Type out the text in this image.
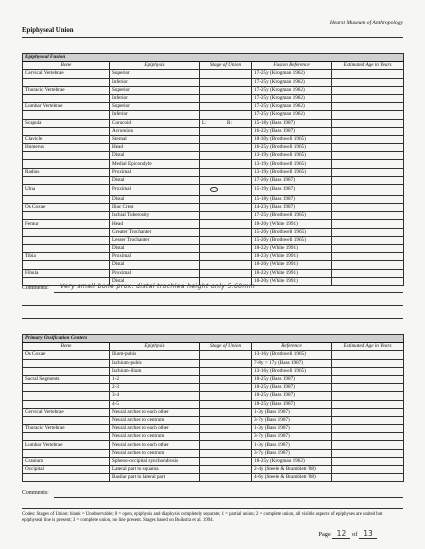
Hearst Museum of Anthropology
Epiphyseal Union
Epiphyseal Fusion				
Bone	Epiphysis	Stage of Union	Fusion Reference	Estimated Age in Years
Cervical Vertebrae	Superior		17-25y (Krogman 1962)	
	Inferior		17-25y (Krogman 1962)	
Thoracic Vertebrae	Superior		17-25y (Krogman 1962)	
	Inferior		17-25y (Krogman 1962)	
Lumbar Vertebrae	Superior		17-25y (Krogman 1962)	
	Inferior		17-25y (Krogman 1962)	
Scapula	Coracoid	L: R:	15-18y (Bass 1987)	
	Acromion		16-22y (Bass 1987)	
Clavicle	Sternal		18-30y (Brothwell 1965)	
Humerus	Head		16-25y (Brothwell 1965)	
	Distal		13-19y (Brothwell 1965)	
	Medial Epicondyle		13-19y (Brothwell 1965)	
Radius	Proximal		13-19y (Brothwell 1965)	
	Distal		17-20y (Bass 1987)	
Ulna	Proximal		15-19y (Bass 1987)	
	Distal		15-18y (Bass 1987)	
Os Coxae	Iliac Crest		14-23y (Bass 1987)	
	Ischial Tuberosity		17-25y (Brothwell 1965)	
Femur	Head		18-20y (White 1991)	
	Greater Trochanter		15-20y (Brothwell 1965)	
	Lesser Trochanter		15-20y (Brothwell 1965)	
	Distal		18-22y (White 1991)	
Tibia	Proximal		18-23y (White 1991)	
	Distal		18-20y (White 1991)	
Fibula	Proximal		18-22y (White 1991)	
	Distal		18-20y (White 1991)	
Comments: Very small bone prox. distal trochlea height only 5.60mm
Primary Ossification Centers				
Bone	Epiphysis	Stage of Union	Reference	Estimated Age in Years
Os Coxae	Ilium-pubis		13-16y (Brothwell 1965)	
	Ischium-pubis		7-8y > 17y (Bass 1987)	
	Ischium-ilium		13-16y (Brothwell 1965)	
Sacral Segments	1-2		18-25y (Bass 1987)	
	2-3		18-25y (Bass 1987)	
	3-4		18-25y (Bass 1987)	
	4-5		18-25y (Bass 1987)	
Cervical Vertebrae	Neural arches to each other		1-3y (Bass 1987)	
	Neural arches to centrum		3-7y (Bass 1987)	
Thoracic Vertebrae	Neural arches to each other		1-3y (Bass 1987)	
	Neural arches to centrum		3-7y (Bass 1987)	
Lumbar Vertebrae	Neural arches to each other		1-3y (Bass 1987)	
	Neural arches to centrum		3-7y (Bass 1987)	
Cranium	Spheno-occipital synchondrosis		18-25y (Krogman 1962)	
Occipital	Lateral part to squama		2-4y (Steele & Bramblett '88)	
	Basilar part to lateral part		4-6y (Steele & Bramblett '88)	
Comments:
Codes: Stages of Union: blank = Unobservable; 0 = open, epiphysis and diaphysis completely separate; 1 = partial union; 2 = complete union, all visible aspects of epiphyses are united but epiphyseal line is present; 3 = complete union, no line present. Stages based on Buikstra et al. 1994.
Page 12 of 13
